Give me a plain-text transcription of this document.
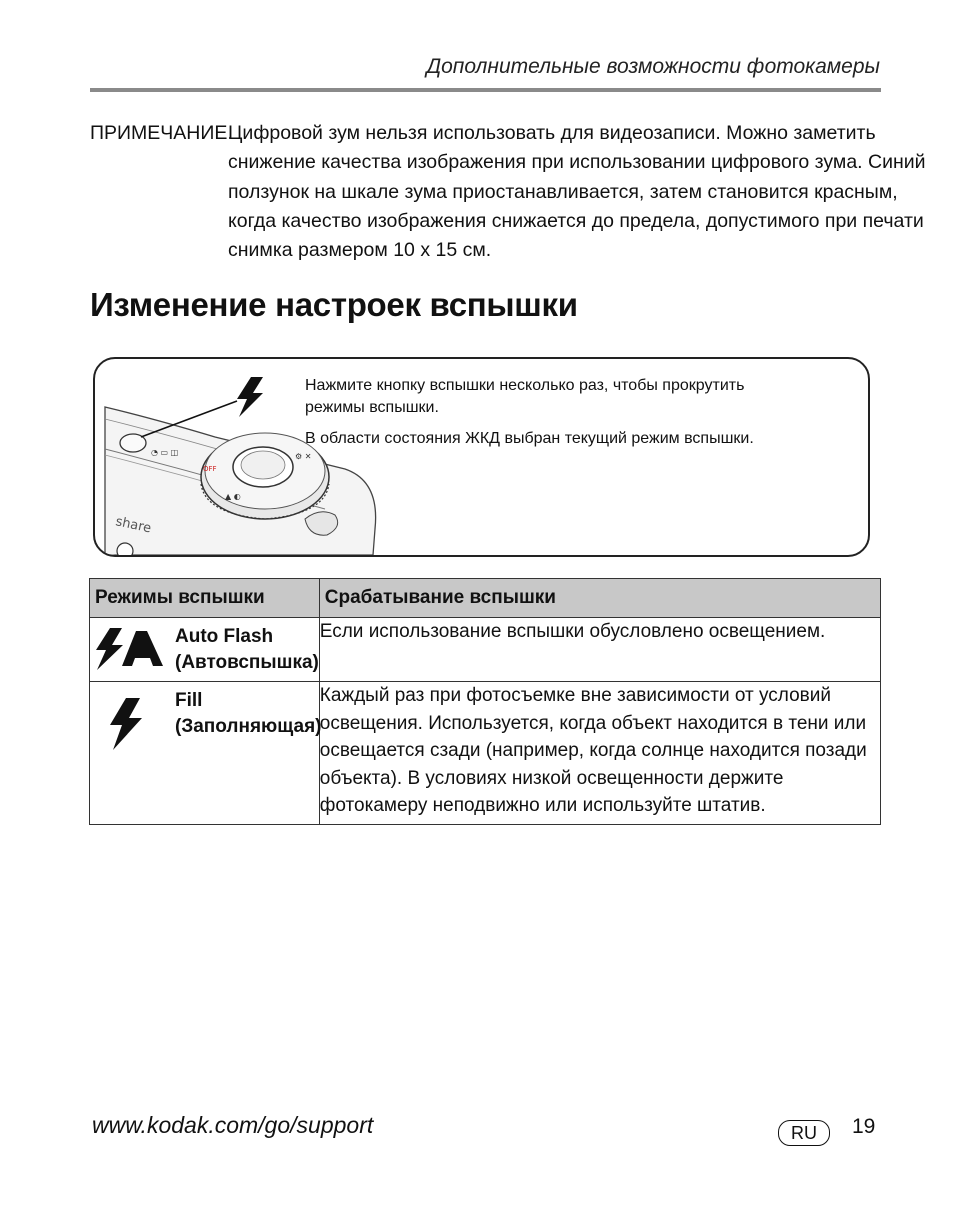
Дополнительные возможности фотокамеры
ПРИМЕЧАНИЕ.
Цифровой зум нельзя использовать для видеозаписи. Можно заметить
снижение качества изображения при использовании цифрового зума. Синий
ползунок на шкале зума приостанавливается, затем становится красным,
когда качество изображения снижается до предела, допустимого при печати
снимка размером 10 x 15 см.
Изменение настроек вспышки
◔ ▭ ◫
OFF
⚙ ✕
▲ ◐
share
Нажмите кнопку вспышки несколько раз, чтобы прокрутить режимы вспышки.
В области состояния ЖКД выбран текущий режим вспышки.
Режимы вспышки	Срабатывание вспышки

Auto Flash
(Автовспышка)	Если использование вспышки обусловлено освещением.

Fill
(Заполняющая)	Каждый раз при фотосъемке вне зависимости от условий освещения. Используется, когда объект находится в тени или освещается сзади (например, когда солнце находится позади объекта). В условиях низкой освещенности держите фотокамеру неподвижно или используйте штатив.
www.kodak.com/go/support	RU	19
